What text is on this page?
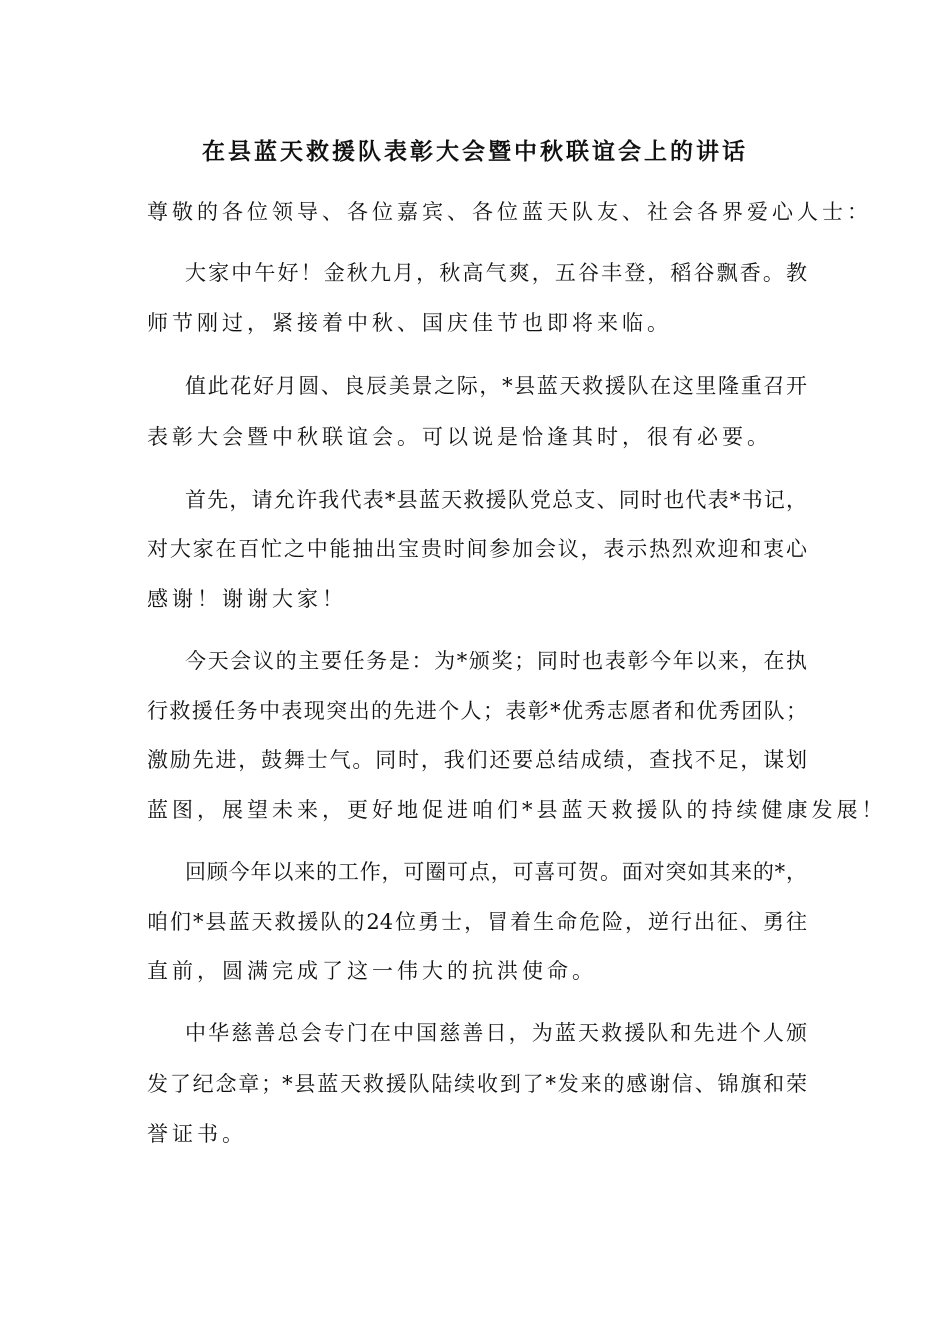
在县蓝天救援队表彰大会暨中秋联谊会上的讲话
尊敬的各位领导、各位嘉宾、各位蓝天队友、社会各界爱心人士：
大家中午好！金秋九月，秋高气爽，五谷丰登，稻谷飘香。教
师节刚过，紧接着中秋、国庆佳节也即将来临。
值此花好月圆、良辰美景之际，*县蓝天救援队在这里隆重召开
表彰大会暨中秋联谊会。可以说是恰逢其时，很有必要。
首先，请允许我代表*县蓝天救援队党总支、同时也代表*书记，
对大家在百忙之中能抽出宝贵时间参加会议，表示热烈欢迎和衷心
感谢！谢谢大家！
今天会议的主要任务是：为*颁奖；同时也表彰今年以来，在执
行救援任务中表现突出的先进个人；表彰*优秀志愿者和优秀团队；
激励先进，鼓舞士气。同时，我们还要总结成绩，查找不足，谋划
蓝图，展望未来，更好地促进咱们*县蓝天救援队的持续健康发展！
回顾今年以来的工作，可圈可点，可喜可贺。面对突如其来的*，
咱们*县蓝天救援队的24位勇士，冒着生命危险，逆行出征、勇往
直前，圆满完成了这一伟大的抗洪使命。
中华慈善总会专门在中国慈善日，为蓝天救援队和先进个人颁
发了纪念章；*县蓝天救援队陆续收到了*发来的感谢信、锦旗和荣
誉证书。
